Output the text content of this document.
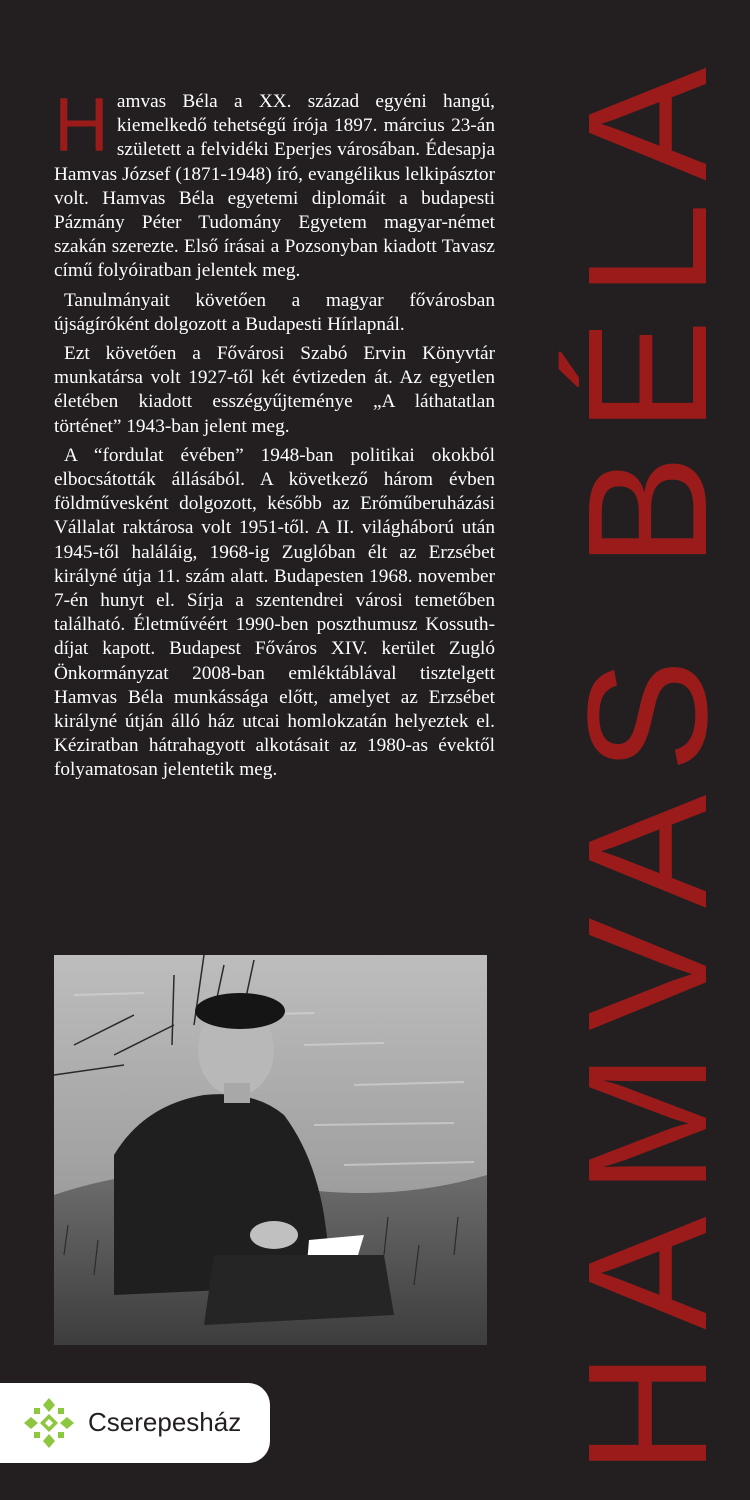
Hamvas Béla a XX. század egyéni hangú, kiemelkedő tehetségű írója 1897. március 23-án született a felvidéki Eperjes városában. Édesapja Hamvas József (1871-1948) író, evangélikus lelkipásztor volt. Hamvas Béla egyetemi diplomáit a budapesti Pázmány Péter Tudomány Egyetem magyar-német szakán szerezte. Első írásai a Pozsonyban kiadott Tavasz című folyóiratban jelentek meg.

Tanulmányait követően a magyar fővárosban újságíróként dolgozott a Budapesti Hírlapnál.

Ezt követően a Fővárosi Szabó Ervin Könyvtár munkatársa volt 1927-től két évtizeden át. Az egyetlen életében kiadott esszégyűjteménye „A láthatatlan történet” 1943-ban jelent meg.

A “fordulat évében” 1948-ban politikai okokból elbocsátották állásából. A következő három évben földművesként dolgozott, később az Erőműberuházási Vállalat raktárosa volt 1951-től. A II. világháború után 1945-től haláláig, 1968-ig Zuglóban élt az Erzsébet királyné útja 11. szám alatt. Budapesten 1968. november 7-én hunyt el. Sírja a szentendrei városi temetőben található. Életművéért 1990-ben poszthumusz Kossuth-díjat kapott. Budapest Főváros XIV. kerület Zugló Önkormányzat 2008-ban emléktáblával tisztelgett Hamvas Béla munkássága előtt, amelyet az Erzsébet királyné útján álló ház utcai homlokzatán helyeztek el. Kéziratban hátrahagyott alkotásait az 1980-as évektől folyamatosan jelentetik meg.	HAMVAS BÉLA
Cserepesház
